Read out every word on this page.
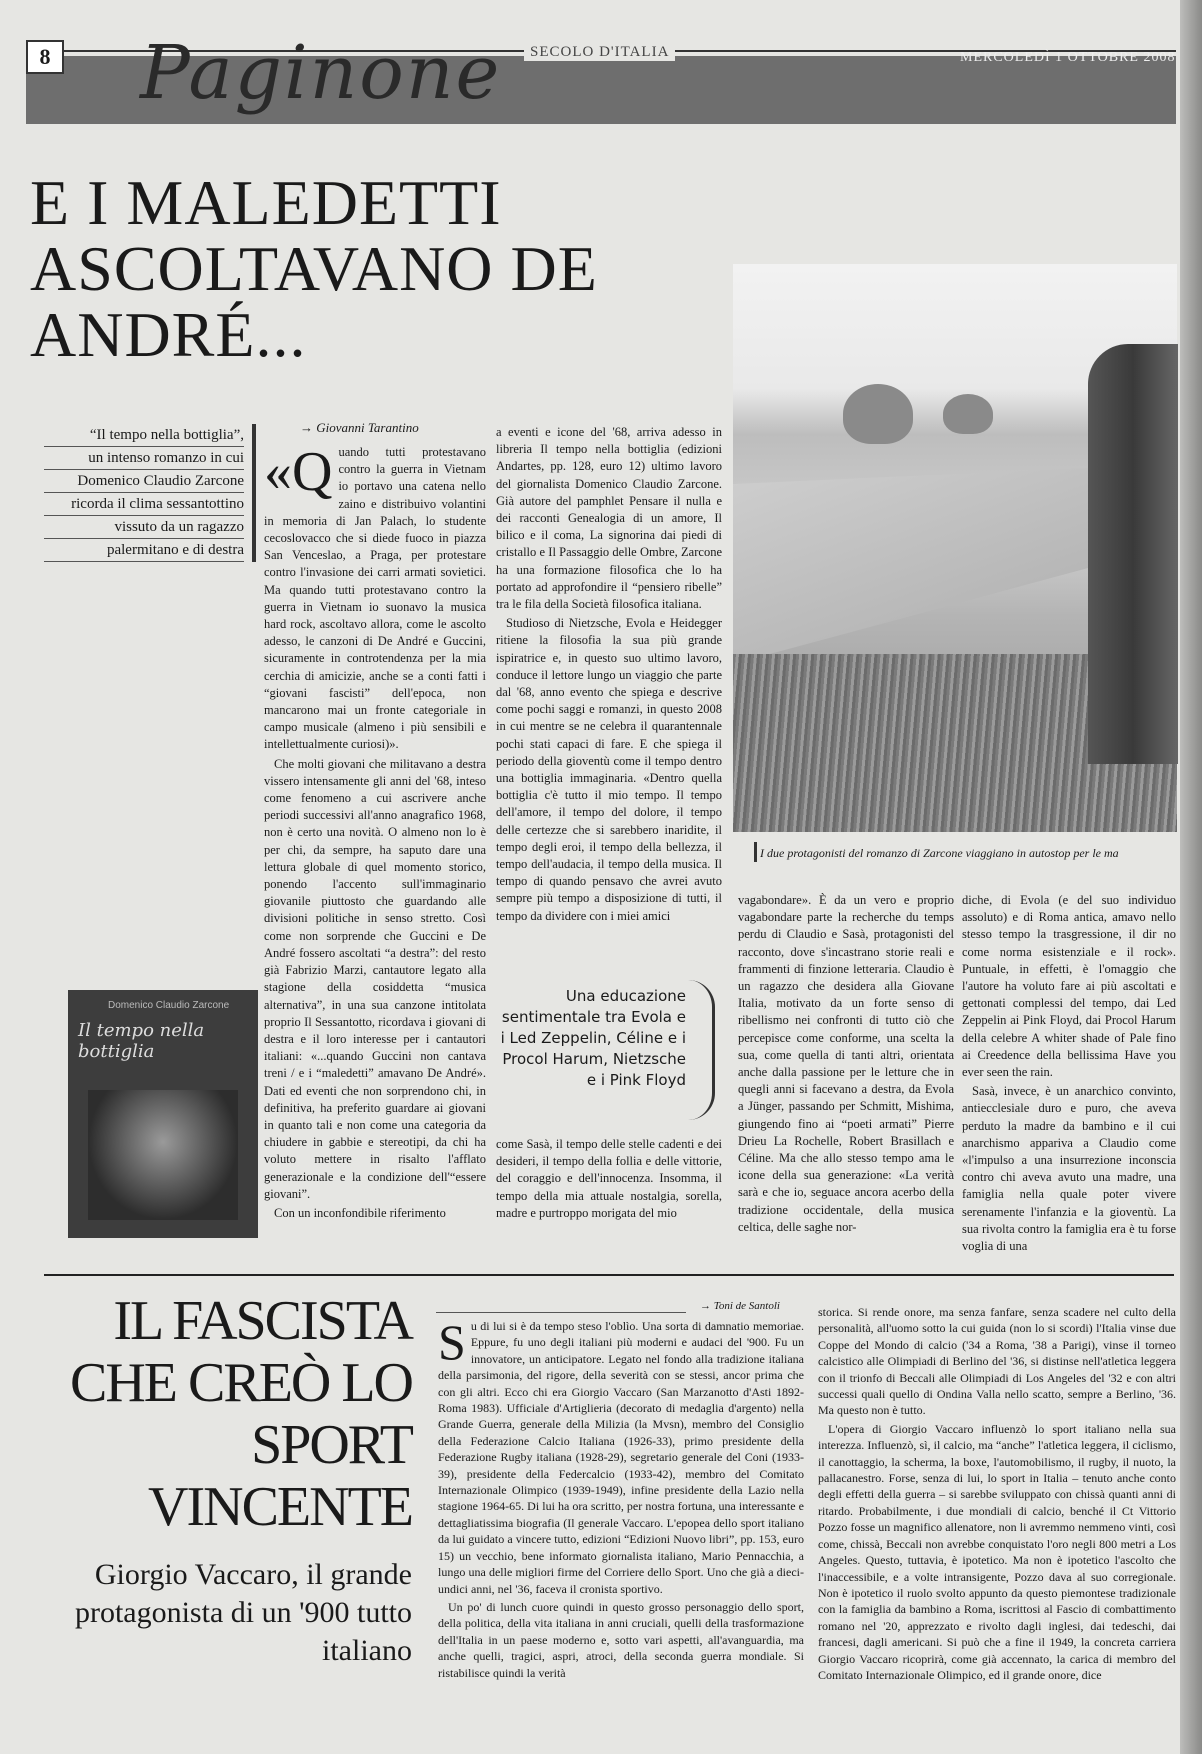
8 Paginone	SECOLO D'ITALIA	MERCOLEDÌ 1 OTTOBRE 2008
E I MALEDETTI ASCOLTAVANO DE ANDRÉ...
“Il tempo nella bottiglia”,
un intenso romanzo in cui
Domenico Claudio Zarcone
ricorda il clima sessantottino
vissuto da un ragazzo
palermitano e di destra
→ Giovanni Tarantino
«Q uando tutti protestavano contro la guerra in Vietnam io portavo una catena nello zaino e distribuivo volantini in memoria di Jan Palach, lo studente cecoslovacco che si diede fuoco in piazza San Venceslao, a Praga, per protestare contro l'invasione dei carri armati sovietici. Ma quando tutti protestavano contro la guerra in Vietnam io suonavo la musica hard rock, ascoltavo allora, come le ascolto adesso, le canzoni di De André e Guccini, sicuramente in controtendenza per la mia cerchia di amicizie, anche se a conti fatti i “giovani fascisti” dell'epoca, non mancarono mai un fronte categoriale in campo musicale (almeno i più sensibili e intellettualmente curiosi)».

Che molti giovani che militavano a destra vissero intensamente gli anni del '68, inteso come fenomeno a cui ascrivere anche periodi successivi all'anno anagrafico 1968, non è certo una novità. O almeno non lo è per chi, da sempre, ha saputo dare una lettura globale di quel momento storico, ponendo l'accento sull'immaginario giovanile piuttosto che guardando alle divisioni politiche in senso stretto. Così come non sorprende che Guccini e De André fossero ascoltati “a destra”: del resto già Fabrizio Marzi, cantautore legato alla stagione della cosiddetta “musica alternativa”, in una sua canzone intitolata proprio Il Sessantotto, ricordava i giovani di destra e il loro interesse per i cantautori italiani: «...quando Guccini non cantava treni / e i “maledetti” amavano De André». Dati ed eventi che non sorprendono chi, in definitiva, ha preferito guardare ai giovani in quanto tali e non come una categoria da chiudere in gabbie e stereotipi, da chi ha voluto mettere in risalto l'afflato generazionale e la condizione dell'“essere giovani”.

Con un inconfondibile riferimento

a eventi e icone del '68, arriva adesso in libreria Il tempo nella bottiglia (edizioni Andartes, pp. 128, euro 12) ultimo lavoro del giornalista Domenico Claudio Zarcone. Già autore del pamphlet Pensare il nulla e dei racconti Genealogia di un amore, Il bilico e il coma, La signorina dai piedi di cristallo e Il Passaggio delle Ombre, Zarcone ha una formazione filosofica che lo ha portato ad approfondire il “pensiero ribelle” tra le fila della Società filosofica italiana.

Studioso di Nietzsche, Evola e Heidegger ritiene la filosofia la sua più grande ispiratrice e, in questo suo ultimo lavoro, conduce il lettore lungo un viaggio che parte dal '68, anno evento che spiega e descrive come pochi saggi e romanzi, in questo 2008 in cui mentre se ne celebra il quarantennale pochi stati capaci di fare. E che spiega il periodo della gioventù come il tempo dentro una bottiglia immaginaria. «Dentro quella bottiglia c'è tutto il mio tempo. Il tempo dell'amore, il tempo del dolore, il tempo delle certezze che si sarebbero inaridite, il tempo degli eroi, il tempo della bellezza, il tempo dell'audacia, il tempo della musica. Il tempo di quando pensavo che avrei avuto sempre più tempo a disposizione di tutti, il tempo da dividere con i miei amici

Una educazione sentimentale tra Evola e i Led Zeppelin, Céline e i Procol Harum, Nietzsche e i Pink Floyd

come Sasà, il tempo delle stelle cadenti e dei desideri, il tempo della follia e delle vittorie, del coraggio e dell'innocenza. Insomma, il tempo della mia attuale nostalgia, sorella, madre e purtroppo morigata del mio

I due protagonisti del romanzo di Zarcone viaggiano in autostop per le ma

vagabondare». È da un vero e proprio vagabondare parte la recherche du temps perdu di Claudio e Sasà, protagonisti del racconto, dove s'incastrano storie reali e frammenti di finzione letteraria. Claudio è un ragazzo che desidera alla Giovane Italia, motivato da un forte senso di ribellismo nei confronti di tutto ciò che percepisce come conforme, una scelta la sua, come quella di tanti altri, orientata anche dalla passione per le letture che in quegli anni si facevano a destra, da Evola a Jünger, passando per Schmitt, Mishima, giungendo fino ai “poeti armati” Pierre Drieu La Rochelle, Robert Brasillach e Céline. Ma che allo stesso tempo ama le icone della sua generazione: «La verità sarà e che io, seguace ancora acerbo della tradizione occidentale, della musica celtica, delle saghe nor-

diche, di Evola (e del suo individuo assoluto) e di Roma antica, amavo nello stesso tempo la trasgressione, il dir no come norma esistenziale e il rock». Puntuale, in effetti, è l'omaggio che l'autore ha voluto fare ai più ascoltati e gettonati complessi del tempo, dai Led Zeppelin ai Pink Floyd, dai Procol Harum della celebre A whiter shade of Pale fino ai Creedence della bellissima Have you ever seen the rain.

Sasà, invece, è un anarchico convinto, antiecclesiale duro e puro, che aveva perduto la madre da bambino e il cui anarchismo appariva a Claudio come «l'impulso a una insurrezione inconscia contro chi aveva avuto una madre, una famiglia nella quale poter vivere serenamente l'infanzia e la gioventù. La sua rivolta contro la famiglia era è tu forse voglia di una

Domenico Claudio Zarcone
Il tempo nella bottiglia
IL FASCISTA CHE CREÒ LO SPORT VINCENTE
Giorgio Vaccaro, il grande protagonista di un '900 tutto italiano
→ Toni de Santoli
S u di lui si è da tempo steso l'oblìo. Una sorta di damnatio memoriae. Eppure, fu uno degli italiani più moderni e audaci del '900. Fu un innovatore, un anticipatore. Legato nel fondo alla tradizione italiana della parsimonia, del rigore, della severità con se stessi, ancor prima che con gli altri. Ecco chi era Giorgio Vaccaro (San Marzanotto d'Asti 1892-Roma 1983). Ufficiale d'Artiglieria (decorato di medaglia d'argento) nella Grande Guerra, generale della Milizia (la Mvsn), membro del Consiglio della Federazione Calcio Italiana (1926-33), primo presidente della Federazione Rugby italiana (1928-29), segretario generale del Coni (1933-39), presidente della Federcalcio (1933-42), membro del Comitato Internazionale Olimpico (1939-1949), infine presidente della Lazio nella stagione 1964-65. Di lui ha ora scritto, per nostra fortuna, una interessante e dettagliatissima biografia (Il generale Vaccaro. L'epopea dello sport italiano da lui guidato a vincere tutto, edizioni “Edizioni Nuovo libri”, pp. 153, euro 15) un vecchio, bene informato giornalista italiano, Mario Pennacchia, a lungo una delle migliori firme del Corriere dello Sport. Uno che già a dieci-undici anni, nel '36, faceva il cronista sportivo.

Un po' di lunch cuore quindi in questo grosso personaggio dello sport, della politica, della vita italiana in anni cruciali, quelli della trasformazione dell'Italia in un paese moderno e, sotto vari aspetti, all'avanguardia, ma anche quelli, tragici, aspri, atroci, della seconda guerra mondiale. Si ristabilisce quindi la verità

storica. Si rende onore, ma senza fanfare, senza scadere nel culto della personalità, all'uomo sotto la cui guida (non lo si scordi) l'Italia vinse due Coppe del Mondo di calcio ('34 a Roma, '38 a Parigi), vinse il torneo calcistico alle Olimpiadi di Berlino del '36, si distinse nell'atletica leggera con il trionfo di Beccali alle Olimpiadi di Los Angeles del '32 e con altri successi quali quello di Ondina Valla nello scatto, sempre a Berlino, '36. Ma questo non è tutto.

L'opera di Giorgio Vaccaro influenzò lo sport italiano nella sua interezza. Influenzò, sì, il calcio, ma “anche” l'atletica leggera, il ciclismo, il canottaggio, la scherma, la boxe, l'automobilismo, il rugby, il nuoto, la pallacanestro. Forse, senza di lui, lo sport in Italia – tenuto anche conto degli effetti della guerra – si sarebbe sviluppato con chissà quanti anni di ritardo. Probabilmente, i due mondiali di calcio, benché il Ct Vittorio Pozzo fosse un magnifico allenatore, non li avremmo nemmeno vinti, così come, chissà, Beccali non avrebbe conquistato l'oro negli 800 metri a Los Angeles. Questo, tuttavia, è ipotetico. Ma non è ipotetico l'ascolto che l'inaccessibile, e a volte intransigente, Pozzo dava al suo corregionale. Non è ipotetico il ruolo svolto appunto da questo piemontese tradizionale con la famiglia da bambino a Roma, iscrittosi al Fascio di combattimento romano nel '20, apprezzato e rivolto dagli inglesi, dai tedeschi, dai francesi, dagli americani. Si può che a fine il 1949, la concreta carriera Giorgio Vaccaro ricoprirà, come già accennato, la carica di membro del Comitato Internazionale Olimpico, ed il grande onore, dice
